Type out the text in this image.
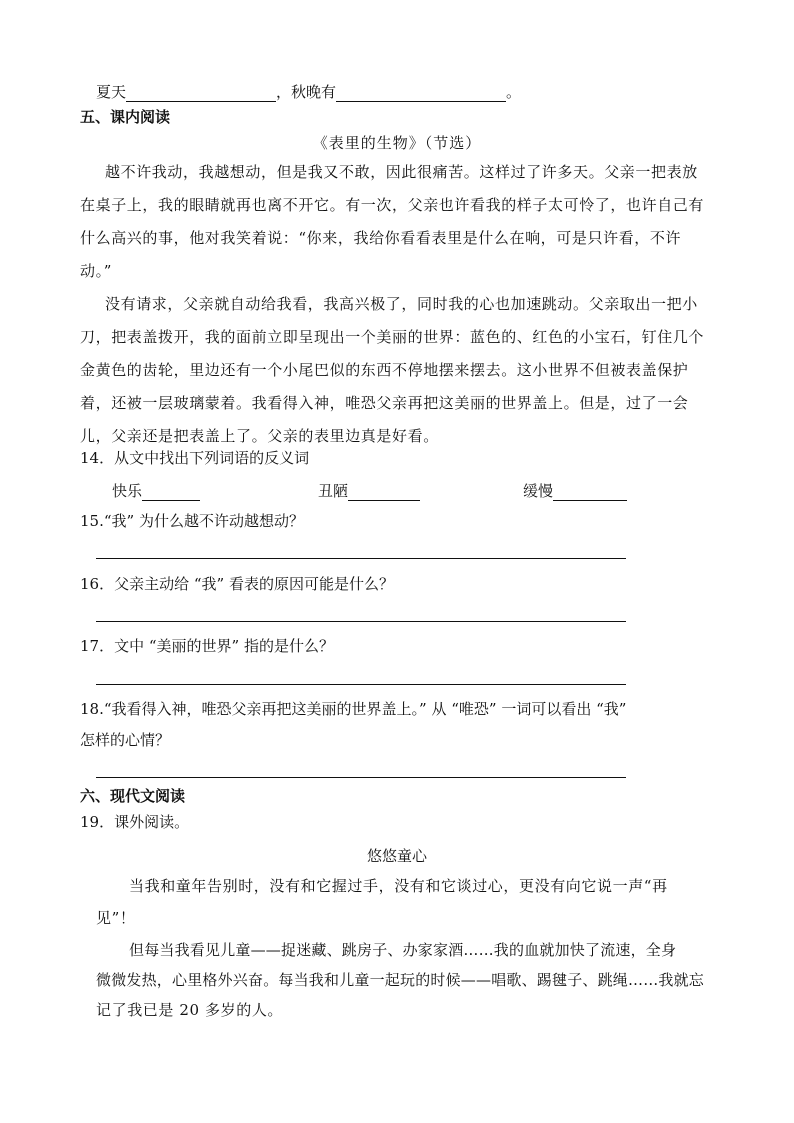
夏天	，秋晚有	。
五、课内阅读
《表里的生物》（节选）
越不许我动，我越想动，但是我又不敢，因此很痛苦。这样过了许多天。父亲一把表放
在桌子上，我的眼睛就再也离不开它。有一次，父亲也许看我的样子太可怜了，也许自己有
什么高兴的事，他对我笑着说：“你来，我给你看看表里是什么在响，可是只许看，不许
动。”
没有请求，父亲就自动给我看，我高兴极了，同时我的心也加速跳动。父亲取出一把小
刀，把表盖拨开，我的面前立即呈现出一个美丽的世界：蓝色的、红色的小宝石，钉住几个
金黄色的齿轮，里边还有一个小尾巴似的东西不停地摆来摆去。这小世界不但被表盖保护
着，还被一层玻璃蒙着。我看得入神，唯恐父亲再把这美丽的世界盖上。但是，过了一会
儿，父亲还是把表盖上了。父亲的表里边真是好看。
14．从文中找出下列词语的反义词
快乐	丑陋	缓慢
15.“我” 为什么越不许动越想动？
16．父亲主动给 “我” 看表的原因可能是什么？
17．文中 “美丽的世界” 指的是什么？
18.“我看得入神，唯恐父亲再把这美丽的世界盖上。” 从 “唯恐” 一词可以看出 “我”
怎样的心情？
六、现代文阅读
19．课外阅读。
悠悠童心
当我和童年告别时，没有和它握过手，没有和它谈过心，更没有向它说一声“再
见”！
但每当我看见儿童——捉迷藏、跳房子、办家家酒……我的血就加快了流速，全身
微微发热，心里格外兴奋。每当我和儿童一起玩的时候——唱歌、踢毽子、跳绳……我就忘
记了我已是 20 多岁的人。
